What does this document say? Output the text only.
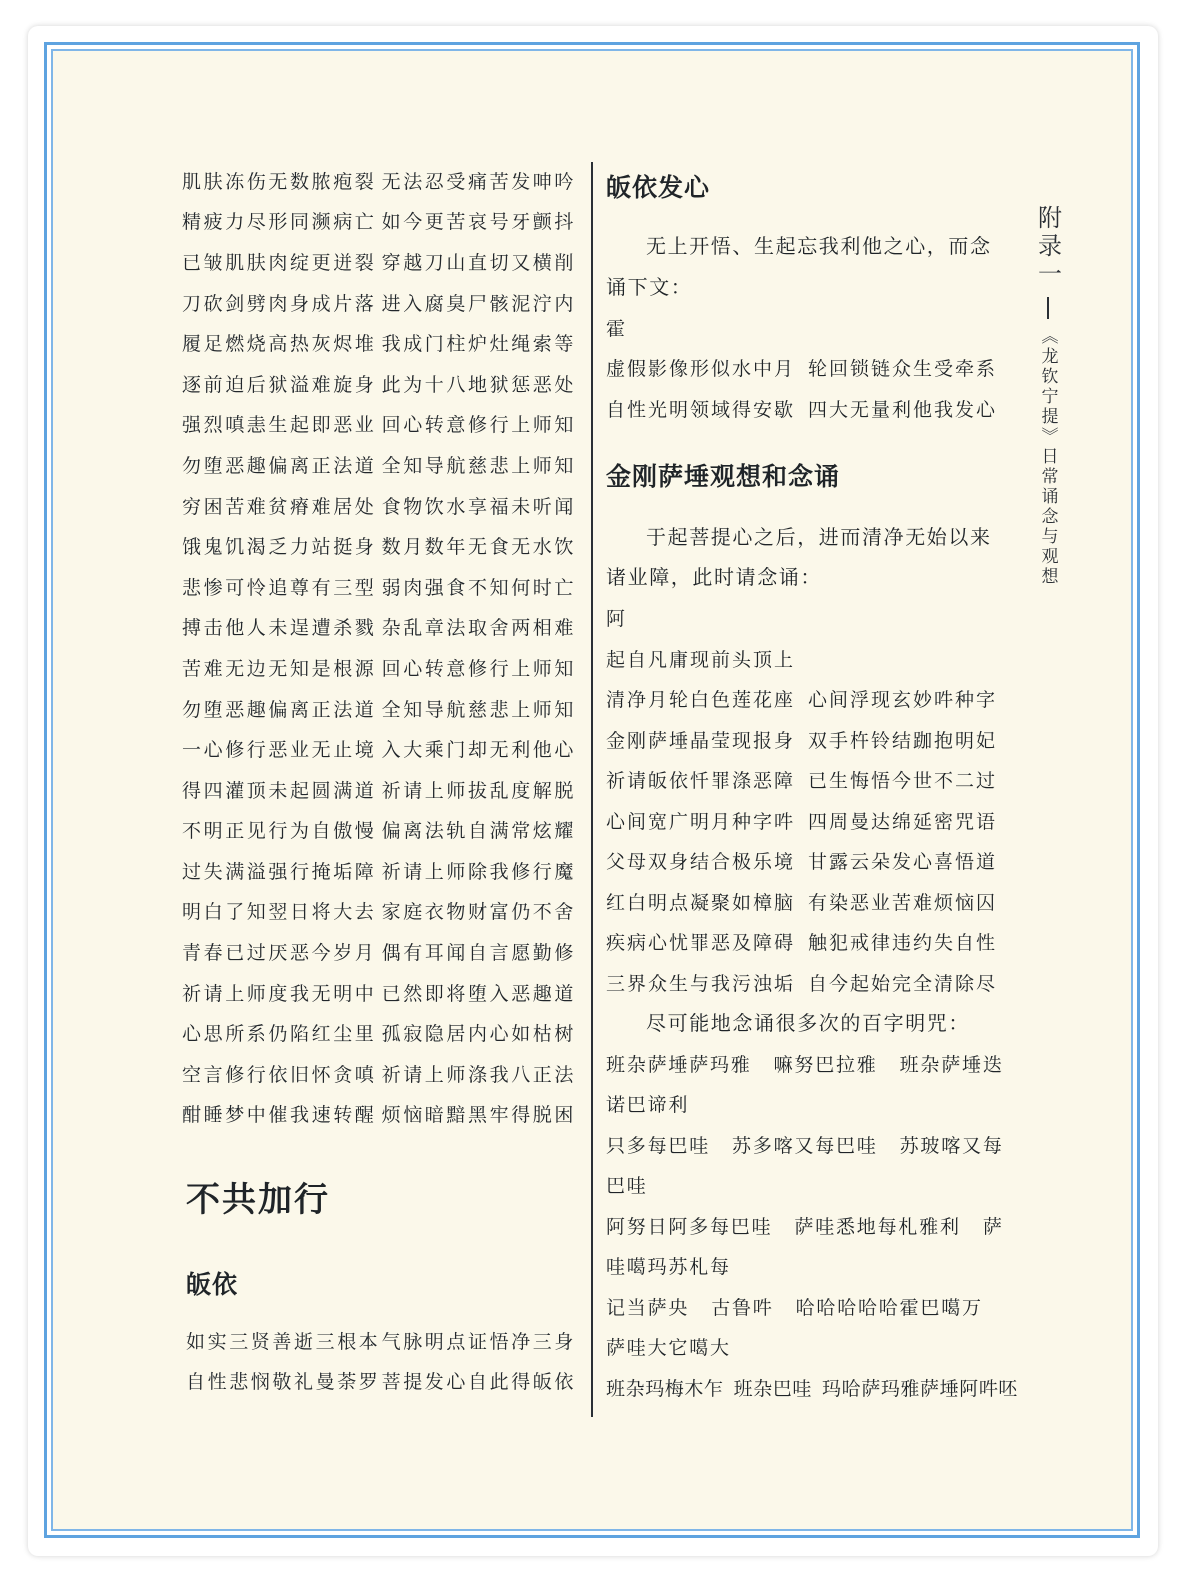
肌肤冻伤无数脓疱裂 无法忍受痛苦发呻吟
精疲力尽形同濒病亡 如今更苦哀号牙颤抖
已皱肌肤肉绽更迸裂 穿越刀山直切又横削
刀砍剑劈肉身成片落 进入腐臭尸骸泥泞内
履足燃烧高热灰烬堆 我成门柱炉灶绳索等
逐前迫后狱溢难旋身 此为十八地狱惩恶处
强烈嗔恚生起即恶业 回心转意修行上师知
勿堕恶趣偏离正法道 全知导航慈悲上师知
穷困苦难贫瘠难居处 食物饮水享福未听闻
饿鬼饥渴乏力站挺身 数月数年无食无水饮
悲惨可怜追尊有三型 弱肉强食不知何时亡
搏击他人未逞遭杀戮 杂乱章法取舍两相难
苦难无边无知是根源 回心转意修行上师知
勿堕恶趣偏离正法道 全知导航慈悲上师知
一心修行恶业无止境 入大乘门却无利他心
得四灌顶未起圆满道 祈请上师拔乱度解脱
不明正见行为自傲慢 偏离法轨自满常炫耀
过失满溢强行掩垢障 祈请上师除我修行魔
明白了知翌日将大去 家庭衣物财富仍不舍
青春已过厌恶今岁月 偶有耳闻自言愿勤修
祈请上师度我无明中 已然即将堕入恶趣道
心思所系仍陷红尘里 孤寂隐居内心如枯树
空言修行依旧怀贪嗔 祈请上师涤我八正法
酣睡梦中催我速转醒 烦恼暗黯黑牢得脱困
不共加行
皈依
如实三贤善逝三根本 气脉明点证悟净三身
自性悲悯敬礼曼荼罗 菩提发心自此得皈依
皈依发心

无上开悟、生起忘我利他之心，而念诵下文：

霍
虚假影像形似水中月 轮回锁链众生受牵系
自性光明领域得安歇 四大无量利他我发心
金刚萨埵观想和念诵

于起菩提心之后，进而清净无始以来诸业障，此时请念诵：

阿
起自凡庸现前头顶上
清净月轮白色莲花座 心间浮现玄妙吽种字
金刚萨埵晶莹现报身 双手杵铃结跏抱明妃
祈请皈依忏罪涤恶障 已生悔悟今世不二过
心间宽广明月种字吽 四周曼达绵延密咒语
父母双身结合极乐境 甘露云朵发心喜悟道
红白明点凝聚如樟脑 有染恶业苦难烦恼囚
疾病心忧罪恶及障碍 触犯戒律违约失自性
三界众生与我污浊垢 自今起始完全清除尽

尽可能地念诵很多次的百字明咒：

班杂萨埵萨玛雅 嘛努巴拉雅 班杂萨埵迭
诺巴谛利
只多每巴哇 苏多喀又每巴哇 苏玻喀又每
巴哇
阿努日阿多每巴哇 萨哇悉地每札雅利 萨
哇噶玛苏札每
记当萨央 古鲁吽 哈哈哈哈哈霍巴噶万
萨哇大它噶大
班杂玛梅木乍 班杂巴哇 玛哈萨玛雅萨埵阿吽呸
附录一
《龙钦宁提》日常诵念与观想
